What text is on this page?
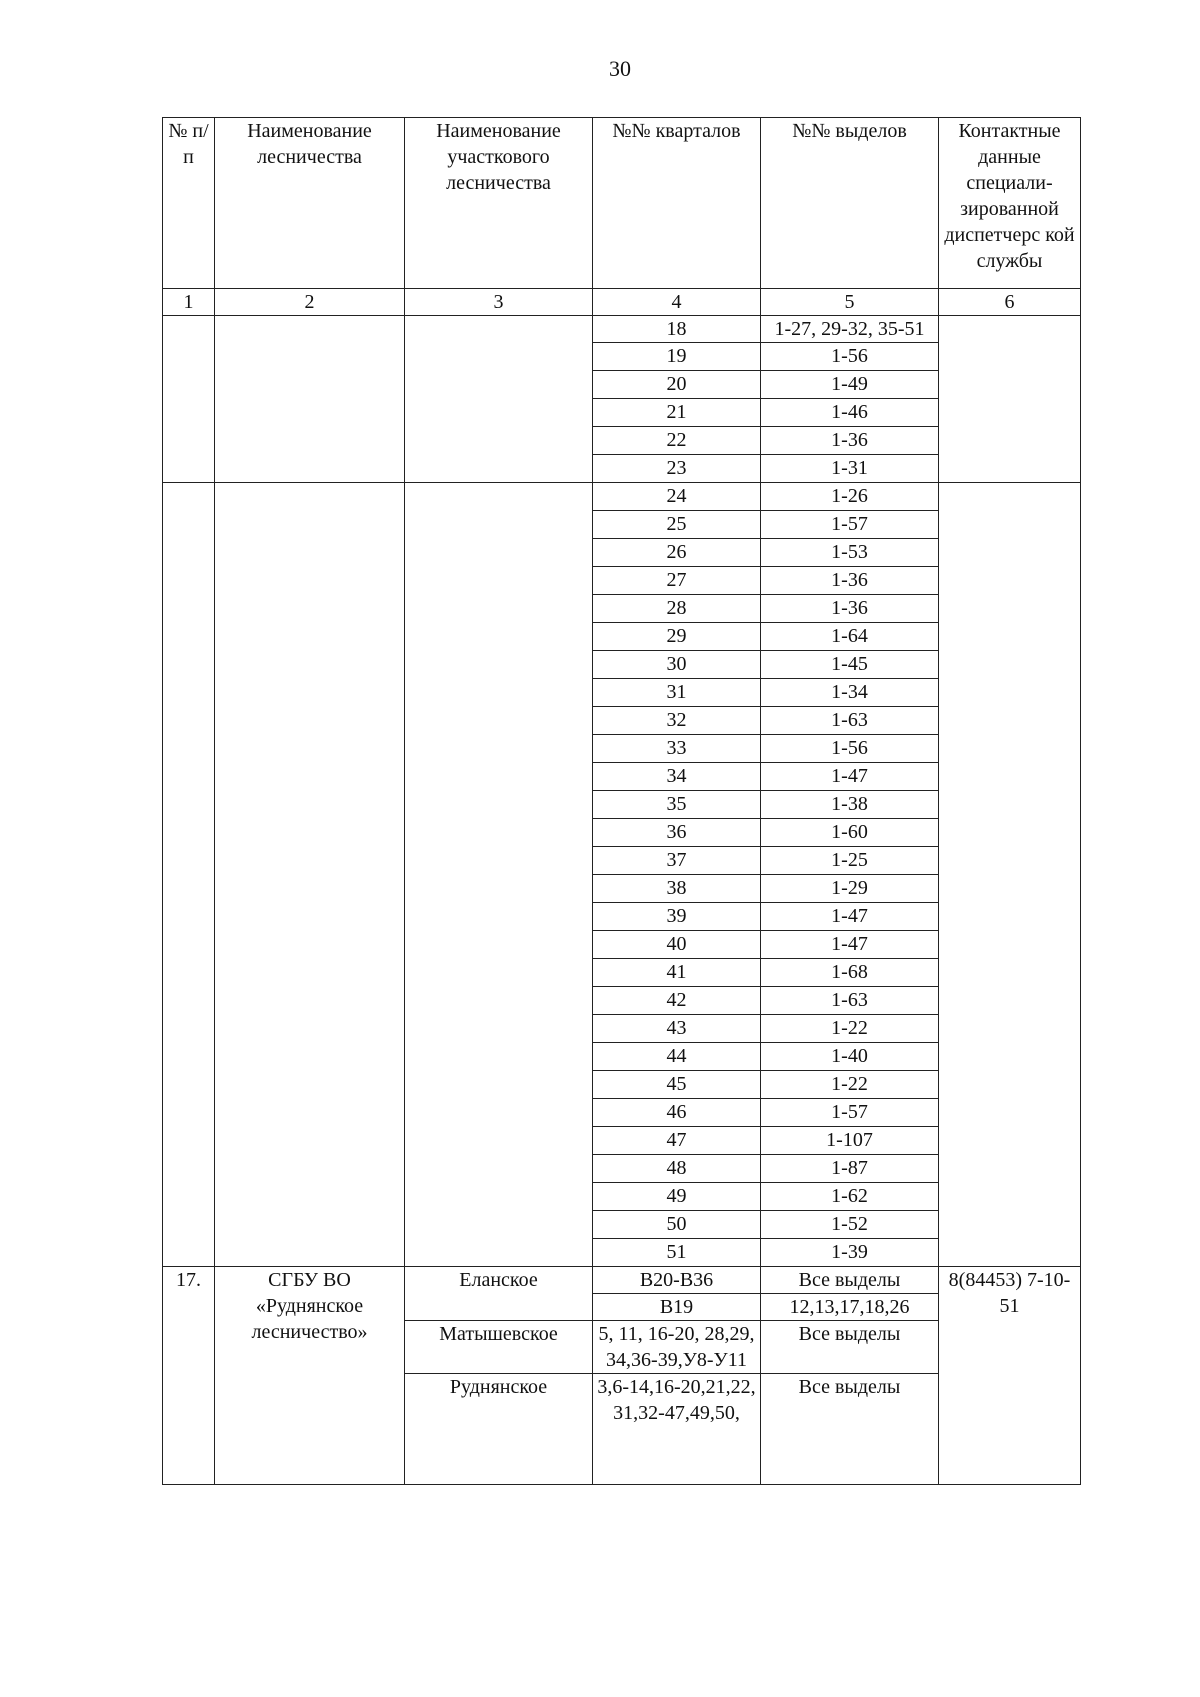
30
№ п/п	Наименование лесничества	Наименование участкового лесничества	№№ кварталов	№№ выделов	Контактные данные специали-зированной диспетчерс кой службы
1	2	3	4	5	6
			18	1-27, 29-32, 35-51	
			19	1-56	
			20	1-49	
			21	1-46	
			22	1-36	
			23	1-31	
			24	1-26	
			25	1-57	
			26	1-53	
			27	1-36	
			28	1-36	
			29	1-64	
			30	1-45	
			31	1-34	
			32	1-63	
			33	1-56	
			34	1-47	
			35	1-38	
			36	1-60	
			37	1-25	
			38	1-29	
			39	1-47	
			40	1-47	
			41	1-68	
			42	1-63	
			43	1-22	
			44	1-40	
			45	1-22	
			46	1-57	
			47	1-107	
			48	1-87	
			49	1-62	
			50	1-52	
			51	1-39	
17.	СГБУ ВО «Руднянское лесничество»	Еланское	В20-В36	Все выделы	8(84453) 7-10-51
			В19	12,13,17,18,26	
		Матышевское	5, 11, 16-20, 28,29, 34,36-39,У8-У11	Все выделы	
		Руднянское	3,6-14,16-20,21,22, 31,32-47,49,50,	Все выделы	
